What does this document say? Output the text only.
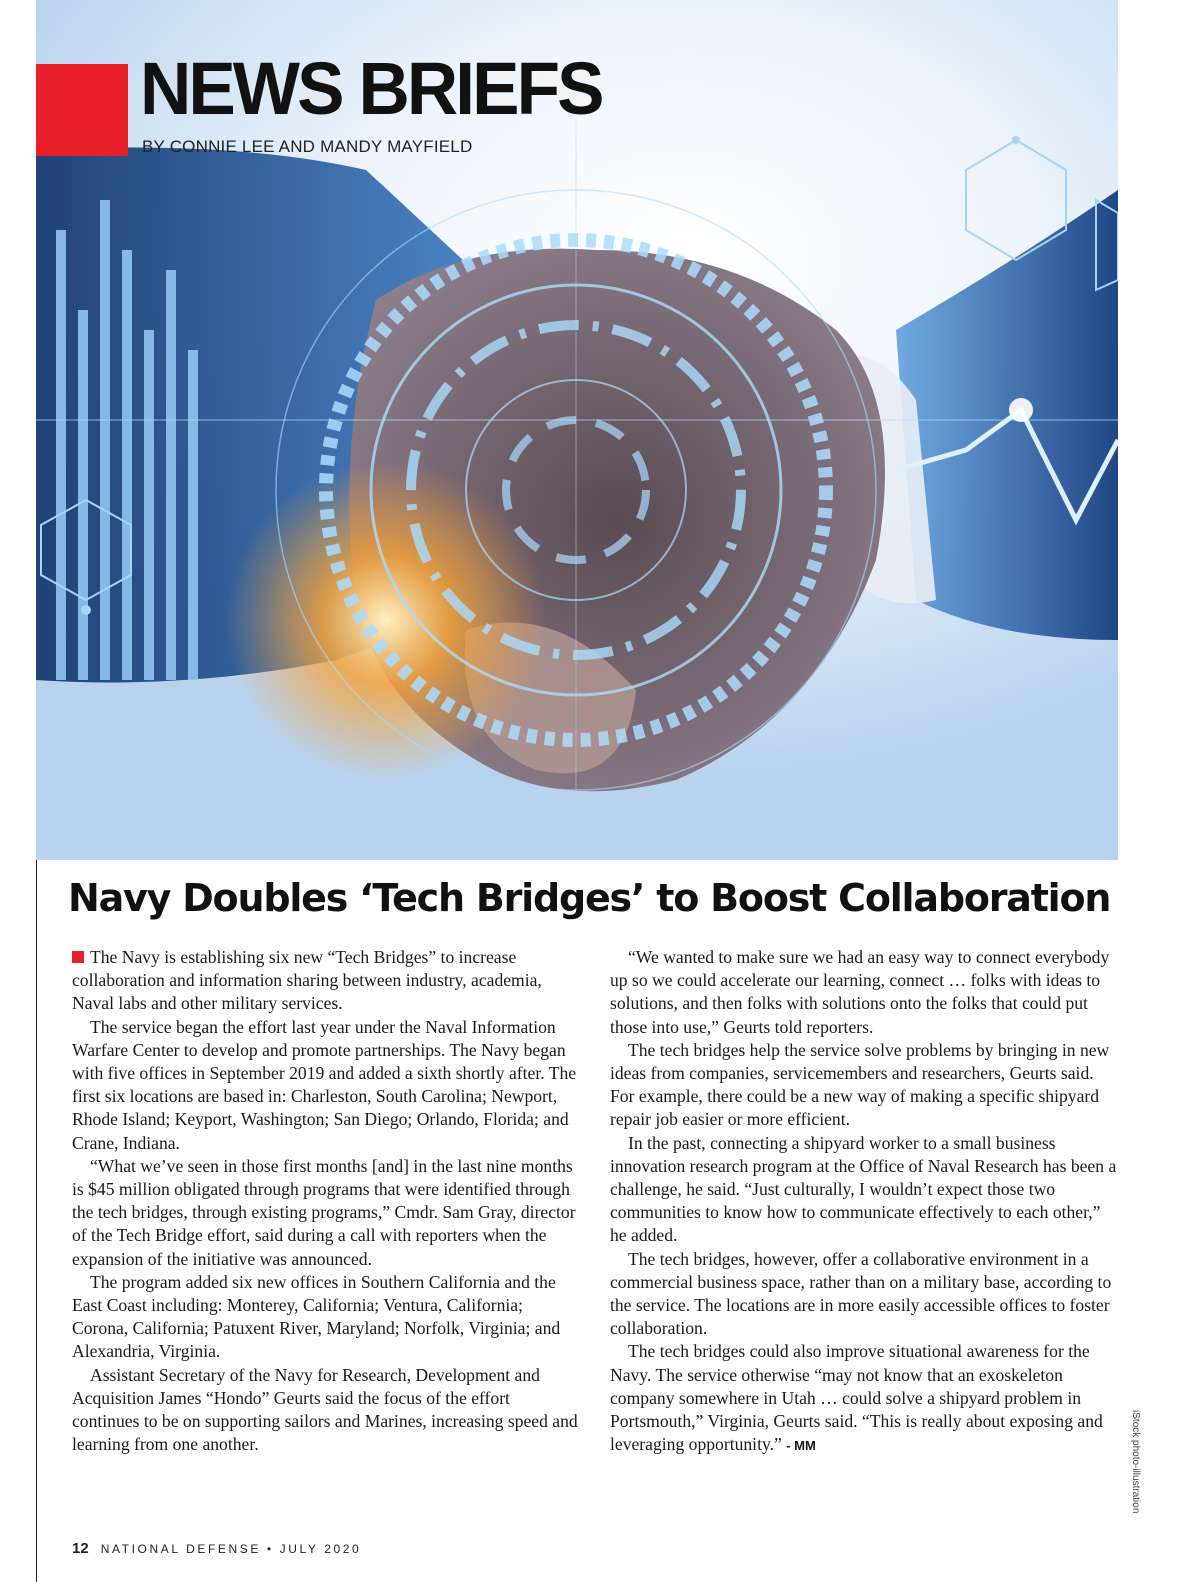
NEWS BRIEFS
BY CONNIE LEE AND MANDY MAYFIELD
Navy Doubles ‘Tech Bridges’ to Boost Collaboration

The Navy is establishing six new “Tech Bridges” to increase collaboration and information sharing between industry, academia, Naval labs and other military services.

The service began the effort last year under the Naval Information Warfare Center to develop and promote partnerships. The Navy began with five offices in September 2019 and added a sixth shortly after. The first six locations are based in: Charleston, South Carolina; Newport, Rhode Island; Keyport, Washington; San Diego; Orlando, Florida; and Crane, Indiana.

“What we’ve seen in those first months [and] in the last nine months is $45 million obligated through programs that were identified through the tech bridges, through existing programs,” Cmdr. Sam Gray, director of the Tech Bridge effort, said during a call with reporters when the expansion of the initiative was announced.

The program added six new offices in Southern California and the East Coast including: Monterey, California; Ventura, California; Corona, California; Patuxent River, Maryland; Norfolk, Virginia; and Alexandria, Virginia.

Assistant Secretary of the Navy for Research, Development and Acquisition James “Hondo” Geurts said the focus of the effort continues to be on supporting sailors and Marines, increasing speed and learning from one another.

“We wanted to make sure we had an easy way to connect everybody up so we could accelerate our learning, connect … folks with ideas to solutions, and then folks with solutions onto the folks that could put those into use,” Geurts told reporters.

The tech bridges help the service solve problems by bringing in new ideas from companies, servicemembers and researchers, Geurts said. For example, there could be a new way of making a specific shipyard repair job easier or more efficient.

In the past, connecting a shipyard worker to a small business innovation research program at the Office of Naval Research has been a challenge, he said. “Just culturally, I wouldn’t expect those two communities to know how to communicate effectively to each other,” he added.

The tech bridges, however, offer a collaborative environment in a commercial business space, rather than on a military base, according to the service. The locations are in more easily accessible offices to foster collaboration.

The tech bridges could also improve situational awareness for the Navy. The service otherwise “may not know that an exoskeleton company somewhere in Utah … could solve a shipyard problem in Portsmouth,” Virginia, Geurts said. “This is really about exposing and leveraging opportunity.” - MM	iStock photo-illustration
12 NATIONAL DEFENSE • JULY 2020
